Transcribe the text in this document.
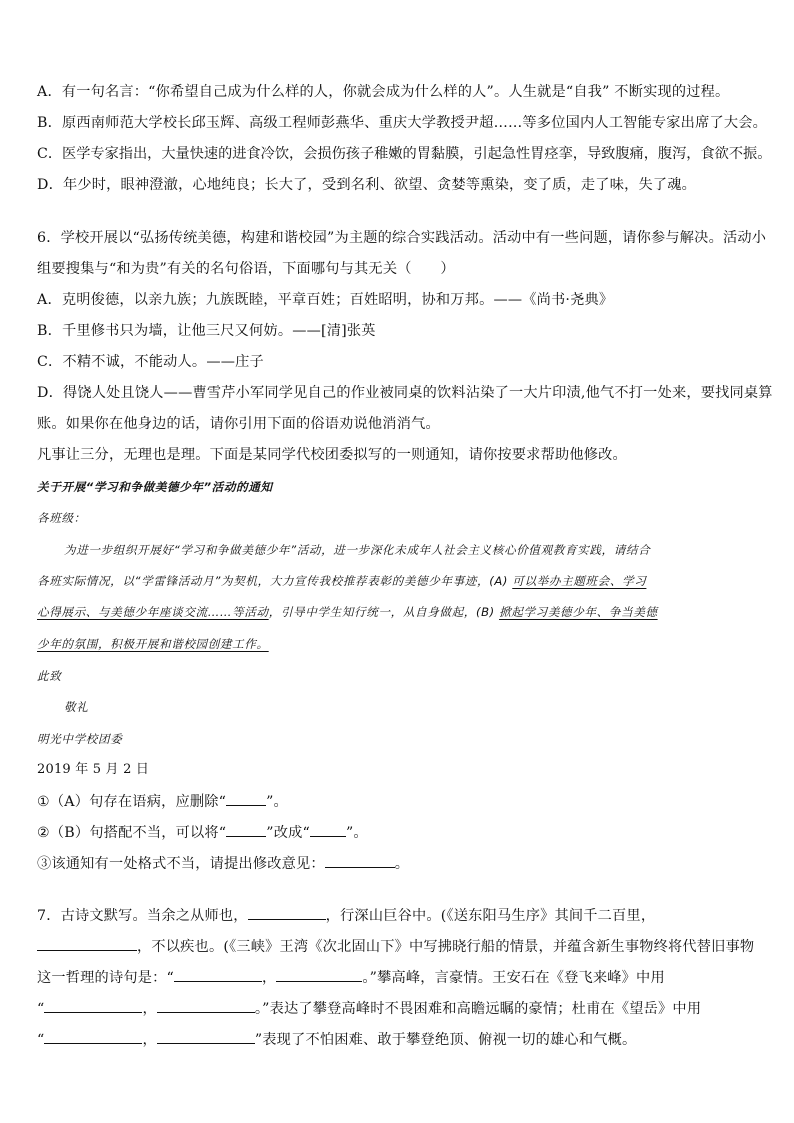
A．有一句名言：“你希望自己成为什么样的人，你就会成为什么样的人”。人生就是“自我” 不断实现的过程。
B．原西南师范大学校长邱玉辉、高级工程师彭燕华、重庆大学教授尹超……等多位国内人工智能专家出席了大会。
C．医学专家指出，大量快速的进食冷饮，会损伤孩子稚嫩的胃黏膜，引起急性胃痉挛，导致腹痛，腹泻，食欲不振。
D．年少时，眼神澄澈，心地纯良；长大了，受到名利、欲望、贪婪等熏染，变了质，走了味，失了魂。
6．学校开展以“弘扬传统美德，构建和谐校园”为主题的综合实践活动。活动中有一些问题，请你参与解决。活动小
组要搜集与“和为贵”有关的名句俗语，下面哪句与其无关（　　）
A．克明俊德，以亲九族；九族既睦，平章百姓；百姓昭明，协和万邦。——《尚书·尧典》
B．千里修书只为墙，让他三尺又何妨。——[清]张英
C．不精不诚，不能动人。——庄子
D．得饶人处且饶人——曹雪芹小军同学见自己的作业被同桌的饮料沾染了一大片印渍,他气不打一处来，要找同桌算
账。如果你在他身边的话，请你引用下面的俗语劝说他消消气。
凡事让三分，无理也是理。下面是某同学代校团委拟写的一则通知，请你按要求帮助他修改。
关于开展“学习和争做美德少年”活动的通知
各班级：
为进一步组织开展好“学习和争做美德少年”活动，进一步深化未成年人社会主义核心价值观教育实践，请结合
各班实际情况，以“学雷锋活动月”为契机，大力宣传我校推荐表彰的美德少年事迹，(A) 可以举办主题班会、学习
心得展示、与美德少年座谈交流……等活动，引导中学生知行统一，从自身做起，(B) 掀起学习美德少年、争当美德
少年的氛围，积极开展和谐校园创建工作。
此致
敬礼
明光中学校团委
2019 年 5 月 2 日
①（A）句存在语病，应删除“	”。
②（B）句搭配不当，可以将“	”改成“	”。
③该通知有一处格式不当，请提出修改意见：	。
7．古诗文默写。当余之从师也，	，行深山巨谷中。(《送东阳马生序》其间千二百里，
，不以疾也。(《三峡》王湾《次北固山下》中写拂晓行船的情景，并蕴含新生事物终将代替旧事物
这一哲理的诗句是：“	，	。”攀高峰，言豪情。王安石在《登飞来峰》中用
“	，	。”表达了攀登高峰时不畏困难和高瞻远瞩的豪情；杜甫在《望岳》中用
“	，	”表现了不怕困难、敢于攀登绝顶、俯视一切的雄心和气概。
